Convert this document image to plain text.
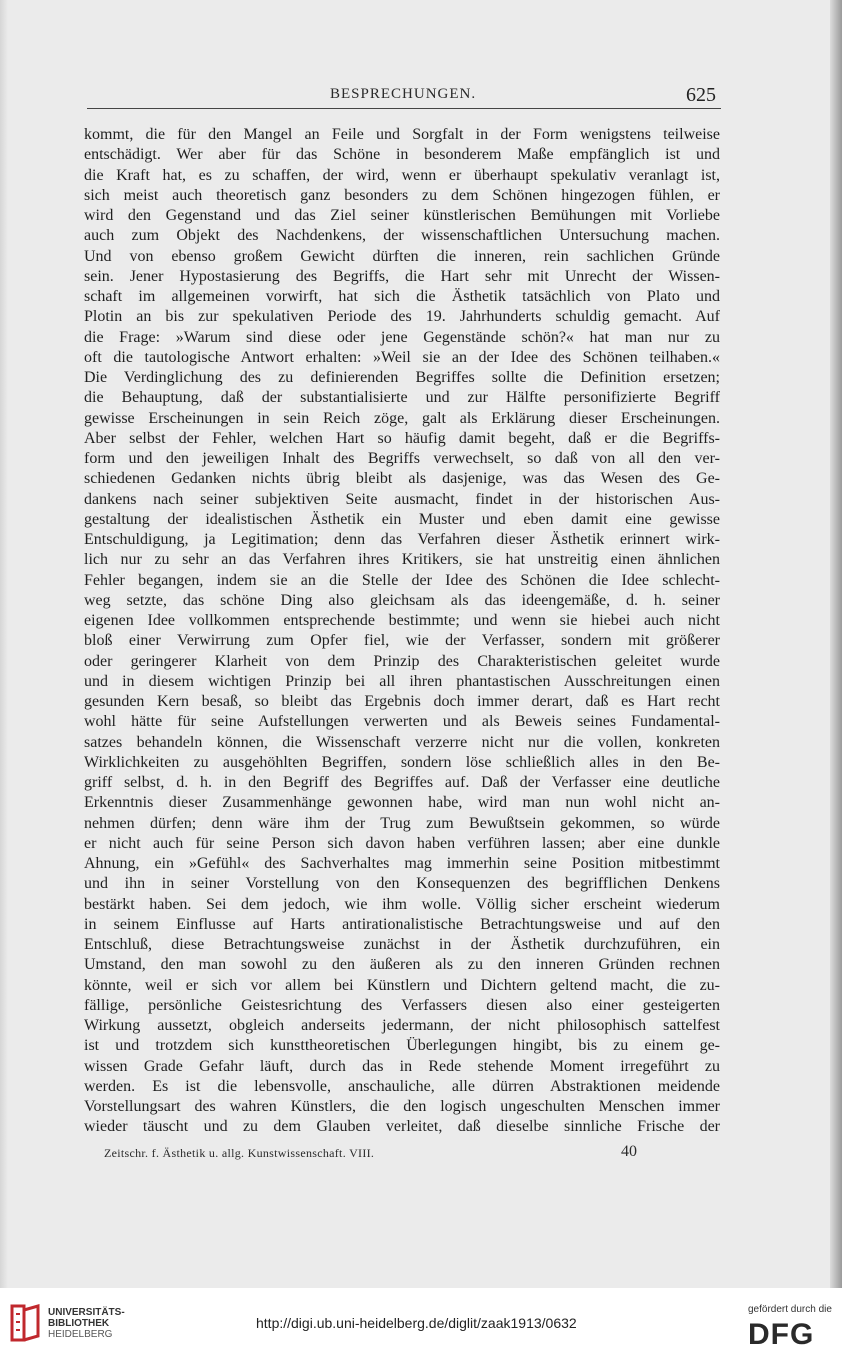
BESPRECHUNGEN.	625
kommt, die für den Mangel an Feile und Sorgfalt in der Form wenigstens teilweise
entschädigt. Wer aber für das Schöne in besonderem Maße empfänglich ist und
die Kraft hat, es zu schaffen, der wird, wenn er überhaupt spekulativ veranlagt ist,
sich meist auch theoretisch ganz besonders zu dem Schönen hingezogen fühlen, er
wird den Gegenstand und das Ziel seiner künstlerischen Bemühungen mit Vorliebe
auch zum Objekt des Nachdenkens, der wissenschaftlichen Untersuchung machen.
Und von ebenso großem Gewicht dürften die inneren, rein sachlichen Gründe
sein. Jener Hypostasierung des Begriffs, die Hart sehr mit Unrecht der Wissen-
schaft im allgemeinen vorwirft, hat sich die Ästhetik tatsächlich von Plato und
Plotin an bis zur spekulativen Periode des 19. Jahrhunderts schuldig gemacht. Auf
die Frage: »Warum sind diese oder jene Gegenstände schön?« hat man nur zu
oft die tautologische Antwort erhalten: »Weil sie an der Idee des Schönen teilhaben.«
Die Verdinglichung des zu definierenden Begriffes sollte die Definition ersetzen;
die Behauptung, daß der substantialisierte und zur Hälfte personifizierte Begriff
gewisse Erscheinungen in sein Reich zöge, galt als Erklärung dieser Erscheinungen.
Aber selbst der Fehler, welchen Hart so häufig damit begeht, daß er die Begriffs-
form und den jeweiligen Inhalt des Begriffs verwechselt, so daß von all den ver-
schiedenen Gedanken nichts übrig bleibt als dasjenige, was das Wesen des Ge-
dankens nach seiner subjektiven Seite ausmacht, findet in der historischen Aus-
gestaltung der idealistischen Ästhetik ein Muster und eben damit eine gewisse
Entschuldigung, ja Legitimation; denn das Verfahren dieser Ästhetik erinnert wirk-
lich nur zu sehr an das Verfahren ihres Kritikers, sie hat unstreitig einen ähnlichen
Fehler begangen, indem sie an die Stelle der Idee des Schönen die Idee schlecht-
weg setzte, das schöne Ding also gleichsam als das ideengemäße, d. h. seiner
eigenen Idee vollkommen entsprechende bestimmte; und wenn sie hiebei auch nicht
bloß einer Verwirrung zum Opfer fiel, wie der Verfasser, sondern mit größerer
oder geringerer Klarheit von dem Prinzip des Charakteristischen geleitet wurde
und in diesem wichtigen Prinzip bei all ihren phantastischen Ausschreitungen einen
gesunden Kern besaß, so bleibt das Ergebnis doch immer derart, daß es Hart recht
wohl hätte für seine Aufstellungen verwerten und als Beweis seines Fundamental-
satzes behandeln können, die Wissenschaft verzerre nicht nur die vollen, konkreten
Wirklichkeiten zu ausgehöhlten Begriffen, sondern löse schließlich alles in den Be-
griff selbst, d. h. in den Begriff des Begriffes auf. Daß der Verfasser eine deutliche
Erkenntnis dieser Zusammenhänge gewonnen habe, wird man nun wohl nicht an-
nehmen dürfen; denn wäre ihm der Trug zum Bewußtsein gekommen, so würde
er nicht auch für seine Person sich davon haben verführen lassen; aber eine dunkle
Ahnung, ein »Gefühl« des Sachverhaltes mag immerhin seine Position mitbestimmt
und ihn in seiner Vorstellung von den Konsequenzen des begrifflichen Denkens
bestärkt haben. Sei dem jedoch, wie ihm wolle. Völlig sicher erscheint wiederum
in seinem Einflusse auf Harts antirationalistische Betrachtungsweise und auf den
Entschluß, diese Betrachtungsweise zunächst in der Ästhetik durchzuführen, ein
Umstand, den man sowohl zu den äußeren als zu den inneren Gründen rechnen
könnte, weil er sich vor allem bei Künstlern und Dichtern geltend macht, die zu-
fällige, persönliche Geistesrichtung des Verfassers diesen also einer gesteigerten
Wirkung aussetzt, obgleich anderseits jedermann, der nicht philosophisch sattelfest
ist und trotzdem sich kunsttheoretischen Überlegungen hingibt, bis zu einem ge-
wissen Grade Gefahr läuft, durch das in Rede stehende Moment irregeführt zu
werden. Es ist die lebensvolle, anschauliche, alle dürren Abstraktionen meidende
Vorstellungsart des wahren Künstlers, die den logisch ungeschulten Menschen immer
wieder täuscht und zu dem Glauben verleitet, daß dieselbe sinnliche Frische der
Zeitschr. f. Ästhetik u. allg. Kunstwissenschaft. VIII.	40
UNIVERSITÄTS-
BIBLIOTHEK
HEIDELBERG
http://digi.ub.uni-heidelberg.de/diglit/zaak1913/0632
gefördert durch die
DFG
